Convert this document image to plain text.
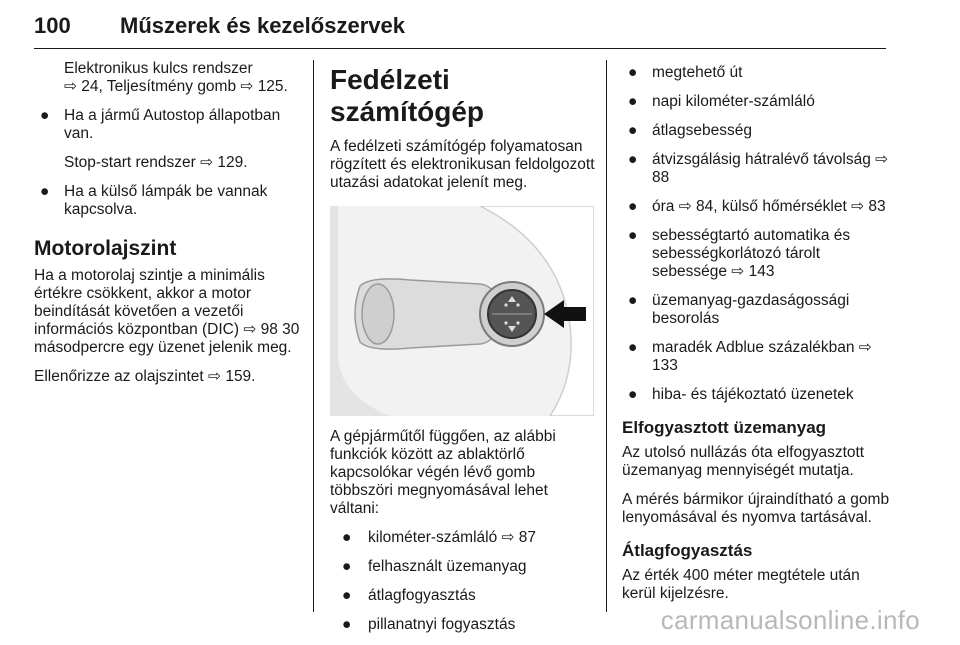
100 Műszerek és kezelőszervek

Elektronikus kulcs rendszer
⇨ 24, Teljesítmény gomb ⇨ 125.

● Ha a jármű Autostop állapotban van.

Stop-start rendszer ⇨ 129.

● Ha a külső lámpák be vannak kapcsolva.
Motorolajszint

Ha a motorolaj szintje a minimális értékre csökkent, akkor a motor beindítását követően a vezetői információs központban (DIC) ⇨ 98 30 másodpercre egy üzenet jelenik meg.

Ellenőrizze az olajszintet ⇨ 159.

Fedélzeti számítógép

A fedélzeti számítógép folyamatosan rögzített és elektronikusan feldolgozott utazási adatokat jelenít meg.

A gépjárműtől függően, az alábbi funkciók között az ablaktörlő kapcsolókar végén lévő gomb többszöri megnyomásával lehet váltani:

● kilométer-számláló ⇨ 87
● felhasznált üzemanyag
● átlagfogyasztás
● pillanatnyi fogyasztás
● megtehető út
● napi kilométer-számláló
● átlagsebesség
● átvizsgálásig hátralévő távolság ⇨ 88
● óra ⇨ 84, külső hőmérséklet ⇨ 83
● sebességtartó automatika és sebességkorlátozó tárolt sebessége ⇨ 143
● üzemanyag-gazdaságossági besorolás
● maradék Adblue százalékban ⇨ 133
● hiba- és tájékoztató üzenetek
Elfogyasztott üzemanyag

Az utolsó nullázás óta elfogyasztott üzemanyag mennyiségét mutatja.

A mérés bármikor újraindítható a gomb lenyomásával és nyomva tartásával.

Átlagfogyasztás

Az érték 400 méter megtétele után kerül kijelzésre.

carmanualsonline.info
